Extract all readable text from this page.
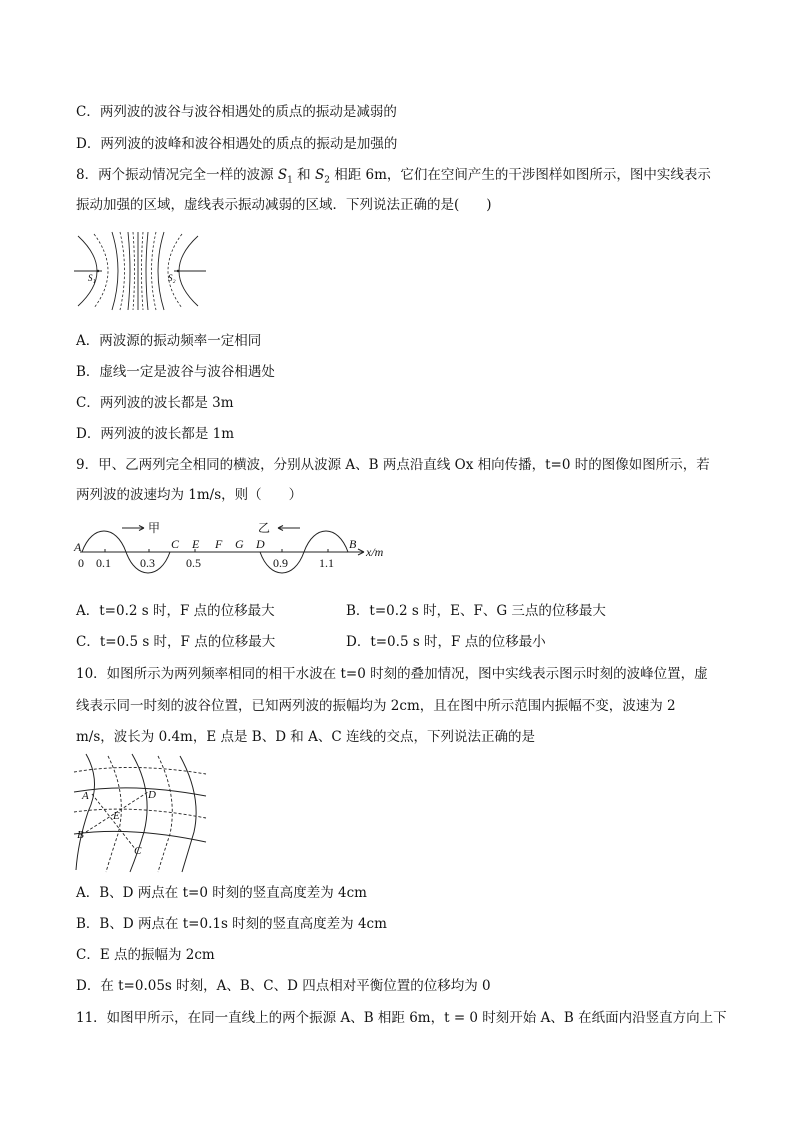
C．两列波的波谷与波谷相遇处的质点的振动是减弱的
D．两列波的波峰和波谷相遇处的质点的振动是加强的
8．两个振动情况完全一样的波源 $S_1$ 和 $S_2$ 相距 6m，它们在空间产生的干涉图样如图所示，图中实线表示
振动加强的区域，虚线表示振动减弱的区域．下列说法正确的是(　　)
S₁	S₂
A．两波源的振动频率一定相同
B．虚线一定是波谷与波谷相遇处
C．两列波的波长都是 3m
D．两列波的波长都是 1m
9．甲、乙两列完全相同的横波，分别从波源 A、B 两点沿直线 Ox 相向传播，t=0 时的图像如图所示，若
两列波的波速均为 1m/s，则（　　）
A	C E F G D	B
甲	乙
0 0.1 0.3	0.5	0.9	1.1
x/m
A．t=0.2 s 时，F 点的位移最大	B．t=0.2 s 时，E、F、G 三点的位移最大
C．t=0.5 s 时，F 点的位移最大	D．t=0.5 s 时，F 点的位移最小
10．如图所示为两列频率相同的相干水波在 t=0 时刻的叠加情况，图中实线表示图示时刻的波峰位置，虚
线表示同一时刻的波谷位置，已知两列波的振幅均为 2cm，且在图中所示范围内振幅不变，波速为 2
m/s，波长为 0.4m，E 点是 B、D 和 A、C 连线的交点，下列说法正确的是
A	D
E
B
C
A．B、D 两点在 t=0 时刻的竖直高度差为 4cm
B．B、D 两点在 t=0.1s 时刻的竖直高度差为 4cm
C．E 点的振幅为 2cm
D．在 t=0.05s 时刻，A、B、C、D 四点相对平衡位置的位移均为 0
11．如图甲所示，在同一直线上的两个振源 A、B 相距 6m，t = 0 时刻开始 A、B 在纸面内沿竖直方向上下
